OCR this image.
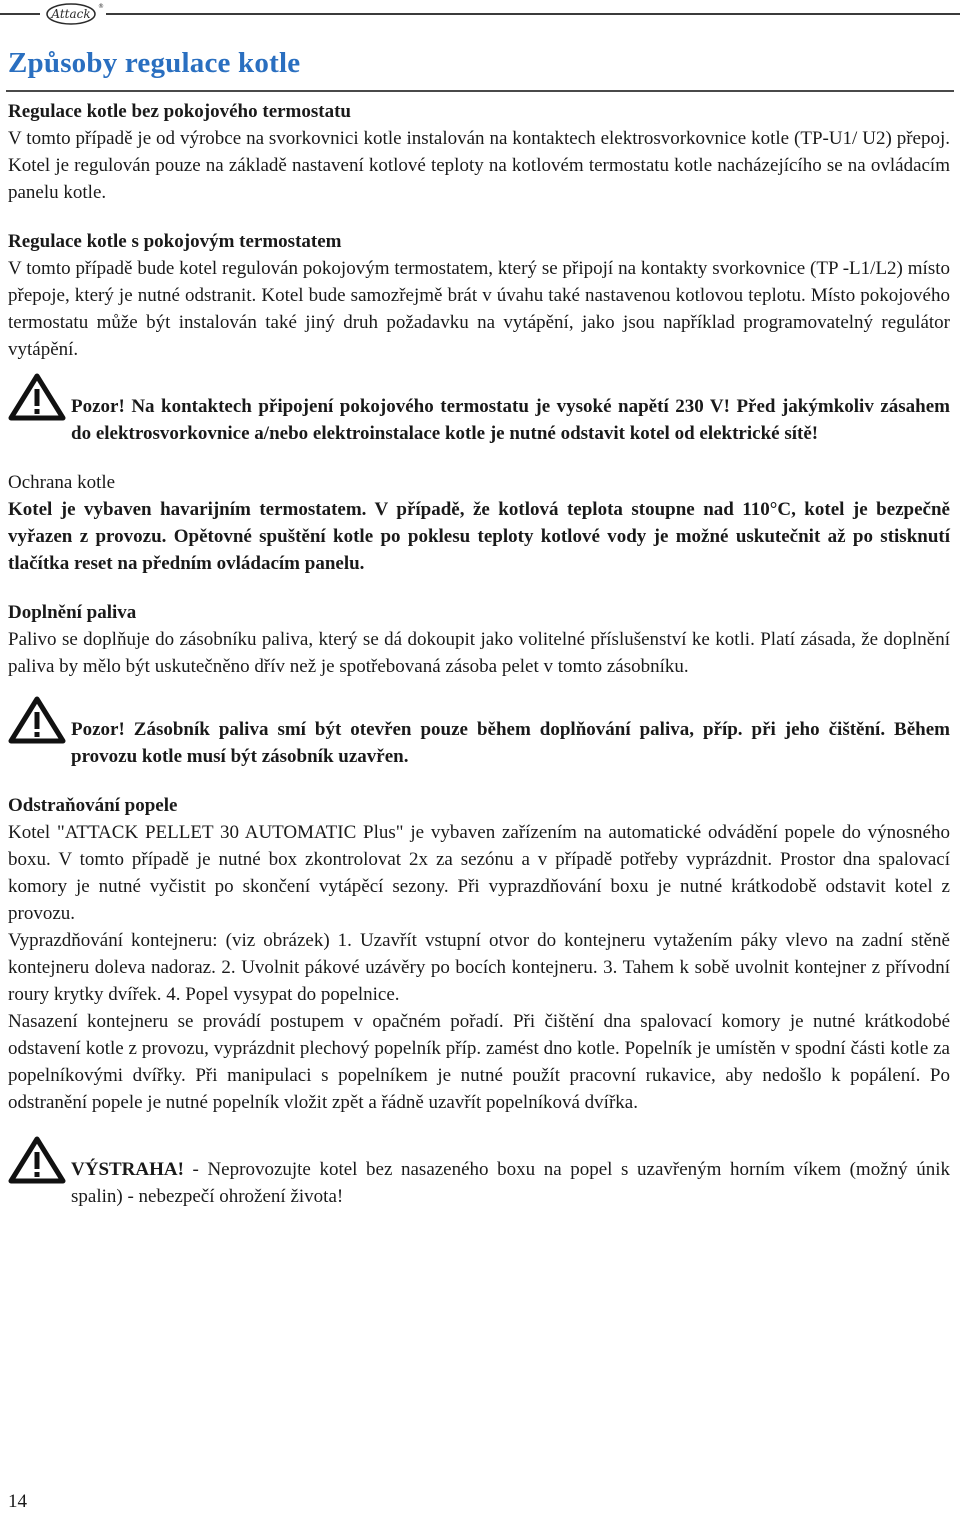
Attack
®
Způsoby regulace kotle

Regulace kotle bez pokojového termostatu

V tomto případě je od výrobce na svorkovnici kotle instalován na kontaktech elektrosvorkovnice kotle (TP-U1/ U2) přepoj. Kotel je regulován pouze na základě nastavení kotlové teploty na kotlovém termostatu kotle nacházejícího se na ovládacím panelu kotle.

Regulace kotle s pokojovým termostatem

V tomto případě bude kotel regulován pokojovým termostatem, který se připojí na kontakty svorkovnice (TP -L1/L2) místo přepoje, který je nutné odstranit. Kotel bude samozřejmě brát v úvahu také nastavenou kotlovou teplotu. Místo pokojového termostatu může být instalován také jiný druh požadavku na vytápění, jako jsou například programovatelný regulátor vytápění.

Pozor! Na kontaktech připojení pokojového termostatu je vysoké napětí 230 V! Před jakýmkoliv zásahem do elektrosvorkovnice a/nebo elektroinstalace kotle je nutné odstavit kotel od elektrické sítě!

Ochrana kotle

Kotel je vybaven havarijním termostatem. V případě, že kotlová teplota stoupne nad 110°C, kotel je bezpečně vyřazen z provozu. Opětovné spuštění kotle po poklesu teploty kotlové vody je možné uskutečnit až po stisknutí tlačítka reset na předním ovládacím panelu.

Doplnění paliva

Palivo se doplňuje do zásobníku paliva, který se dá dokoupit jako volitelné příslušenství ke kotli. Platí zásada, že doplnění paliva by mělo být uskutečněno dřív než je spotřebovaná zásoba pelet v tomto zásobníku.

Pozor! Zásobník paliva smí být otevřen pouze během doplňování paliva, příp. při jeho čištění. Během provozu kotle musí být zásobník uzavřen.

Odstraňování popele

Kotel "ATTACK PELLET 30 AUTOMATIC Plus" je vybaven zařízením na automatické odvádění popele do výnosného boxu. V tomto případě je nutné box zkontrolovat 2x za sezónu a v případě potřeby vyprázdnit. Prostor dna spalovací komory je nutné vyčistit po skončení vytápěcí sezony. Při vyprazdňování boxu je nutné krátkodobě odstavit kotel z provozu.

Vyprazdňování kontejneru: (viz obrázek) 1. Uzavřít vstupní otvor do kontejneru vytažením páky vlevo na zadní stěně kontejneru doleva nadoraz. 2. Uvolnit pákové uzávěry po bocích kontejneru. 3. Tahem k sobě uvolnit kontejner z přívodní roury krytky dvířek. 4. Popel vysypat do popelnice.

Nasazení kontejneru se provádí postupem v opačném pořadí. Při čištění dna spalovací komory je nutné krátkodobé odstavení kotle z provozu, vyprázdnit plechový popelník příp. zamést dno kotle. Popelník je umístěn v spodní části kotle za popelníkovými dvířky. Při manipulaci s popelníkem je nutné použít pracovní rukavice, aby nedošlo k popálení. Po odstranění popele je nutné popelník vložit zpět a řádně uzavřít popelníková dvířka.

VÝSTRAHA! - Neprovozujte kotel bez nasazeného boxu na popel s uzavřeným horním víkem (možný únik spalin) - nebezpečí ohrožení života!
14
